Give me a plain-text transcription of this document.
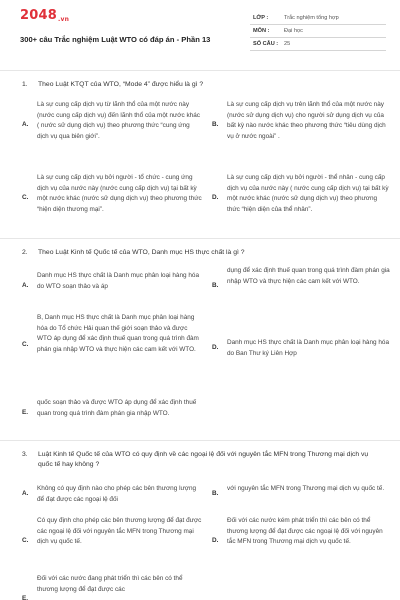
2048.vn
300+ câu Trắc nghiệm Luật WTO có đáp án - Phần 13
LỚP :	Trắc nghiệm tổng hợp
MÔN :	Đại học
SỐ CÂU : 25
1. Theo Luật KTQT của WTO, “Mode 4” được hiểu là gì ?
A.
Là sự cung cấp dịch vụ từ lãnh thổ của một nước này (nước cung cấp dịch vụ) đến lãnh thổ của một nước khác ( nước sử dụng dịch vụ) theo phương thức “cung ứng dịch vụ qua biên giới”.
B.
Là sự cung cấp dịch vụ trên lãnh thổ của một nước này (nước sử dụng dịch vụ) cho người sử dụng dịch vụ của bất kỳ nào nước khác theo phương thức “tiêu dùng dịch vụ ở nước ngoài” .
C.
Là sự cung cấp dịch vụ bởi người - tổ chức - cung ứng dịch vụ của nước này (nước cung cấp dịch vụ) tại bất kỳ một nước khác (nước sử dụng dịch vụ) theo phương thức “hiện diện thương mại”.
D.
Là sự cung cấp dịch vụ bởi người - thể nhân - cung cấp dịch vụ của nước này ( nước cung cấp dịch vụ) tại bất kỳ một nước khác (nước sử dụng dịch vụ) theo phương thức “hiện diện của thể nhân”.
2. Theo Luật Kinh tế Quốc tế của WTO, Danh mục HS thực chất là gì ?
A.
Danh mục HS thực chất là Danh mục phân loại hàng hóa do WTO soạn thảo và áp	B.
dụng để xác định thuế quan trong quá trình đàm phán gia nhập WTO và thực hiện các cam kết với WTO.
C.
B, Danh mục HS thực chất là Danh mục phân loại hàng hóa do Tổ chức Hải quan thế giới soạn thảo và được WTO áp dụng để xác định thuế quan trong quá trình đàm phán gia nhập WTO và thực hiện các cam kết với WTO.	D.
Danh mục HS thực chất là Danh mục phân loại hàng hóa do Ban Thư ký Liên Hợp
E.
quốc soạn thảo và được WTO áp dụng để xác định thuế quan trong quá trình đàm phán gia nhập WTO.
3. Luật Kinh tế Quốc tế của WTO có quy định về các ngoại lệ đối với nguyên tắc MFN trong Thương mại dịch vụ quốc tế hay không ?
A.
Không có quy định nào cho phép các bên thương lượng để đạt được các ngoại lệ đối
B.
với nguyên tắc MFN trong Thương mại dịch vụ quốc tế.
C.
Có quy định cho phép các bên thương lượng để đạt được các ngoại lệ đối với nguyên tắc MFN trong Thương mại dịch vụ quốc tế.	D.
Đối với các nước kém phát triển thì các bên có thể thương lượng để đạt được các ngoại lệ đối với nguyên tắc MFN trong Thương mại dịch vụ quốc tế.
E.
Đối với các nước đang phát triển thì các bên có thể thương lượng để đạt được các
